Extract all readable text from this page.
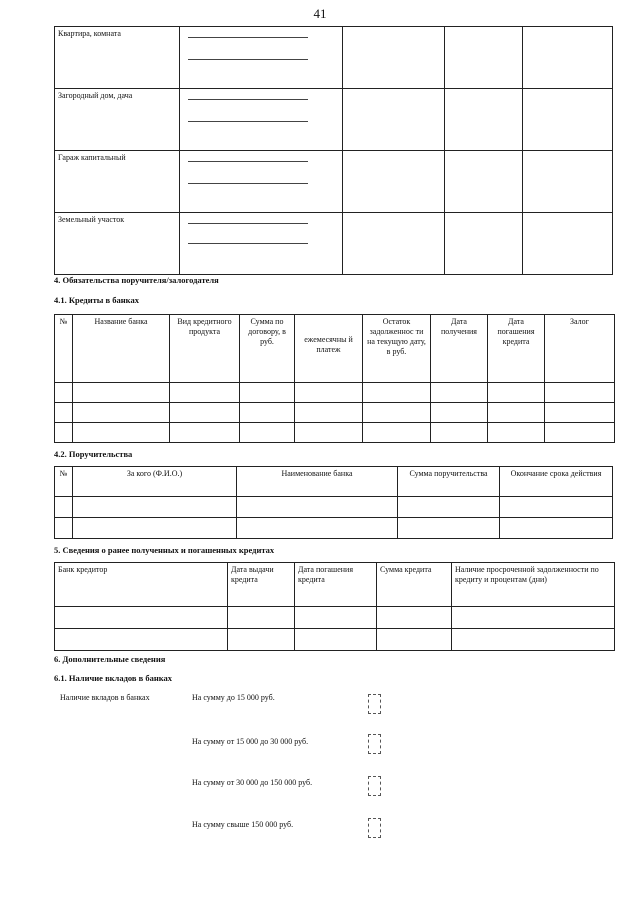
41
Квартира, комната	

Загородный дом, дача	

Гараж капитальный	

Земельный участок	

4. Обязательства поручителя/залогодателя
4.1. Кредиты в банках
№	Название банка	Вид кредитного продукта	Сумма по договору, в руб.	ежемесячны й платеж	Остаток задолженнос ти на текущую дату, в руб.	Дата получения	Дата погашения кредита	Залог

4.2. Поручительства
№	За кого (Ф.И.О.)	Наименование банка	Сумма поручительства	Окончание срока действия

5. Сведения о ранее полученных и погашенных кредитах
Банк кредитор	Дата выдачи кредита	Дата погашения кредита	Сумма кредита	Наличие просроченной задолженности по кредиту и процентам (дни)

6. Дополнительные сведения
6.1. Наличие вкладов в банках
Наличие вкладов в банках	На сумму до 15 000 руб.
На сумму от 15 000 до 30 000 руб.
На сумму от 30 000 до 150 000 руб.
На сумму свыше 150 000 руб.
